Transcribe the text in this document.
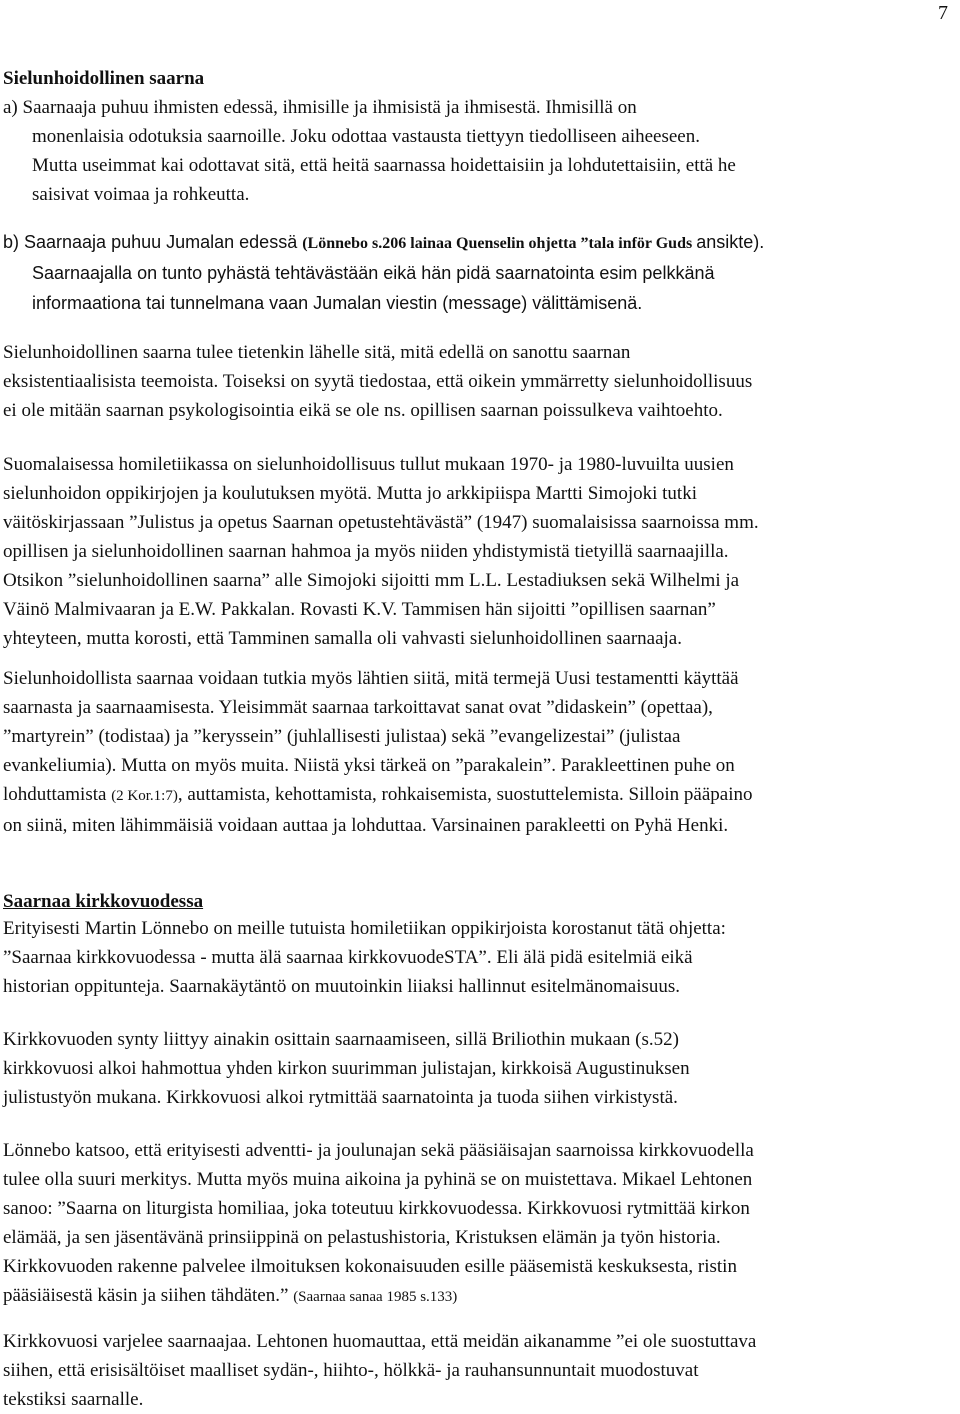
7

Sielunhoidollinen saarna

a) Saarnaaja puhuu ihmisten edessä, ihmisille ja ihmisistä ja ihmisestä. Ihmisillä on
monenlaisia odotuksia saarnoille. Joku odottaa vastausta tiettyyn tiedolliseen aiheeseen.
Mutta useimmat kai odottavat sitä, että heitä saarnassa hoidettaisiin ja lohdutettaisiin, että he
saisivat voimaa ja rohkeutta.

b) Saarnaaja puhuu Jumalan edessä (Lönnebo s.206 lainaa Quenselin ohjetta ”tala inför Guds ansikte).
Saarnaajalla on tunto pyhästä tehtävästään eikä hän pidä saarnatointa esim pelkkänä
informaationa tai tunnelmana vaan Jumalan viestin (message) välittämisenä.

Sielunhoidollinen saarna tulee tietenkin lähelle sitä, mitä edellä on sanottu saarnan
eksistentiaalisista teemoista. Toiseksi on syytä tiedostaa, että oikein ymmärretty sielunhoidollisuus
ei ole mitään saarnan psykologisointia eikä se ole ns. opillisen saarnan poissulkeva vaihtoehto.

Suomalaisessa homiletiikassa on sielunhoidollisuus tullut mukaan 1970- ja 1980-luvuilta uusien
sielunhoidon oppikirjojen ja koulutuksen myötä. Mutta jo arkkipiispa Martti Simojoki tutki
väitöskirjassaan ”Julistus ja opetus Saarnan opetustehtävästä” (1947) suomalaisissa saarnoissa mm.
opillisen ja sielunhoidollinen saarnan hahmoa ja myös niiden yhdistymistä tietyillä saarnaajilla.
Otsikon ”sielunhoidollinen saarna” alle Simojoki sijoitti mm L.L. Lestadiuksen sekä Wilhelmi ja
Väinö Malmivaaran ja E.W. Pakkalan. Rovasti K.V. Tammisen hän sijoitti ”opillisen saarnan”
yhteyteen, mutta korosti, että Tamminen samalla oli vahvasti sielunhoidollinen saarnaaja.

Sielunhoidollista saarnaa voidaan tutkia myös lähtien siitä, mitä termejä Uusi testamentti käyttää
saarnasta ja saarnaamisesta. Yleisimmät saarnaa tarkoittavat sanat ovat ”didaskein” (opettaa),
”martyrein” (todistaa) ja ”keryssein” (juhlallisesti julistaa) sekä ”evangelizestai” (julistaa
evankeliumia). Mutta on myös muita. Niistä yksi tärkeä on ”parakalein”. Parakleettinen puhe on
lohduttamista (2 Kor.1:7), auttamista, kehottamista, rohkaisemista, suostuttelemista. Silloin pääpaino
on siinä, miten lähimmäisiä voidaan auttaa ja lohduttaa. Varsinainen parakleetti on Pyhä Henki.

Saarnaa kirkkovuodessa

Erityisesti Martin Lönnebo on meille tutuista homiletiikan oppikirjoista korostanut tätä ohjetta:
”Saarnaa kirkkovuodessa - mutta älä saarnaa kirkkovuodeSTA”. Eli älä pidä esitelmiä eikä
historian oppitunteja. Saarnakäytäntö on muutoinkin liiaksi hallinnut esitelmänomaisuus.

Kirkkovuoden synty liittyy ainakin osittain saarnaamiseen, sillä Briliothin mukaan (s.52)
kirkkovuosi alkoi hahmottua yhden kirkon suurimman julistajan, kirkkoisä Augustinuksen
julistustyön mukana. Kirkkovuosi alkoi rytmittää saarnatointa ja tuoda siihen virkistystä.

Lönnebo katsoo, että erityisesti adventti- ja joulunajan sekä pääsiäisajan saarnoissa kirkkovuodella
tulee olla suuri merkitys. Mutta myös muina aikoina ja pyhinä se on muistettava. Mikael Lehtonen
sanoo: ”Saarna on liturgista homiliaa, joka toteutuu kirkkovuodessa. Kirkkovuosi rytmittää kirkon
elämää, ja sen jäsentävänä prinsiippinä on pelastushistoria, Kristuksen elämän ja työn historia.
Kirkkovuoden rakenne palvelee ilmoituksen kokonaisuuden esille pääsemistä keskuksesta, ristin
pääsiäisestä käsin ja siihen tähdäten.” (Saarnaa sanaa 1985 s.133)

Kirkkovuosi varjelee saarnaajaa. Lehtonen huomauttaa, että meidän aikanamme ”ei ole suostuttava
siihen, että erisisältöiset maalliset sydän-, hiihto-, hölkkä- ja rauhansunnuntait muodostuvat
tekstiksi saarnalle.
